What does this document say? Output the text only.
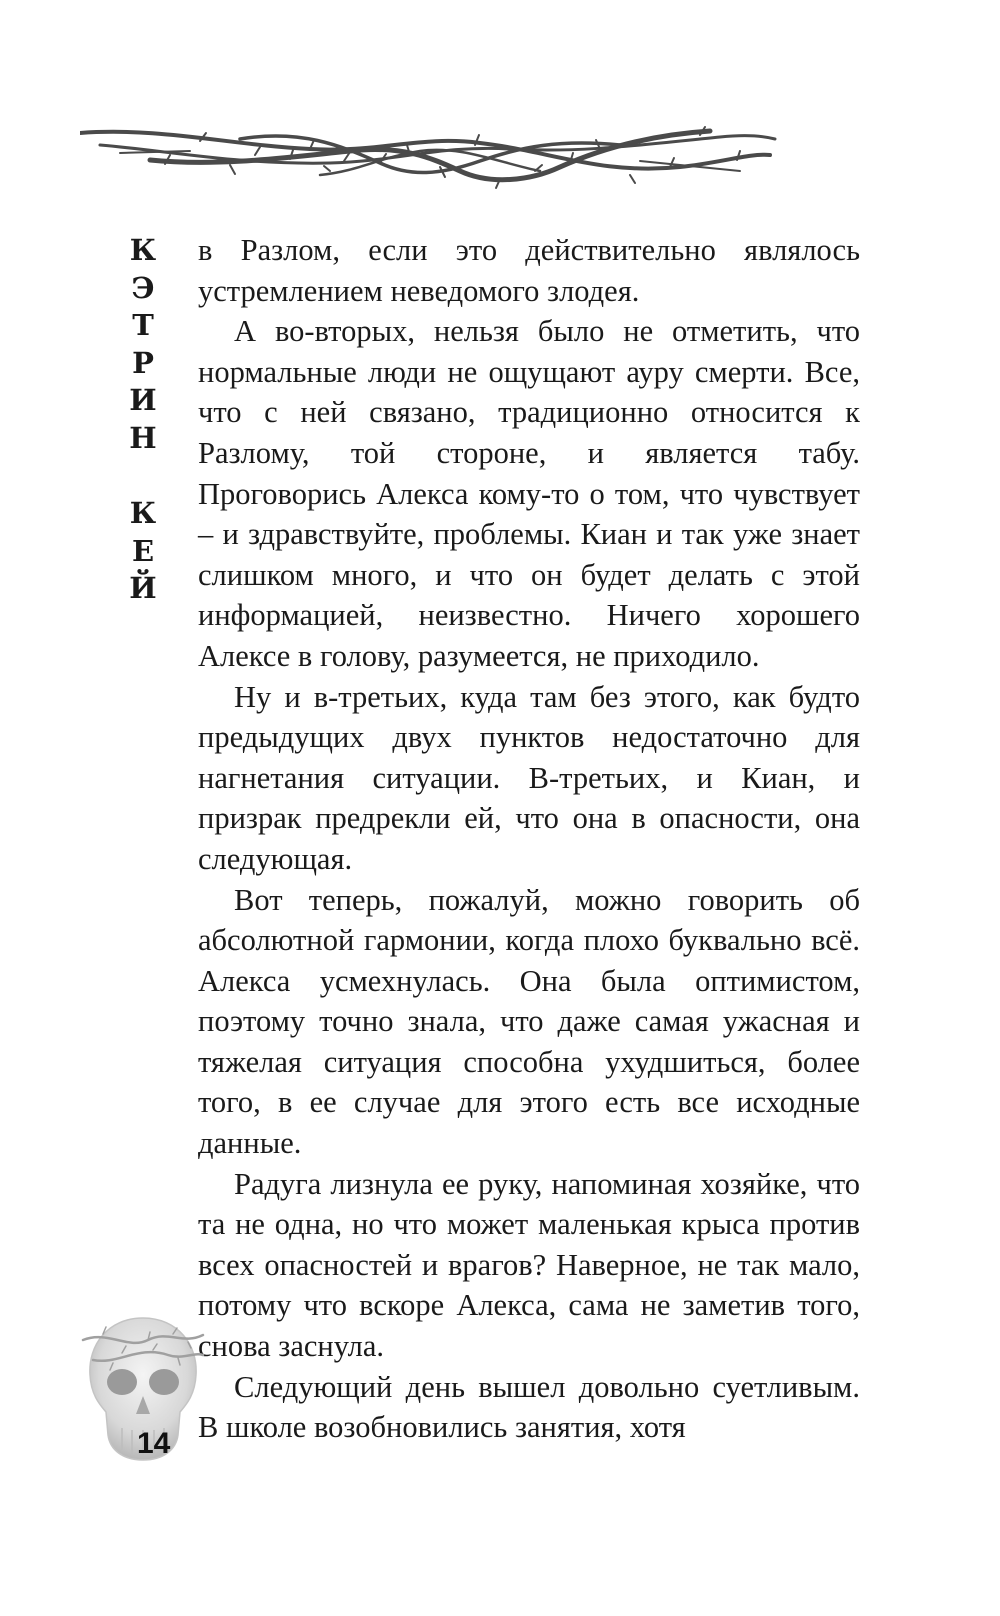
К
Э
Т
Р
И
Н
К
Е
Й

в Разлом, если это действительно являлось устремлением неведомого злодея.

А во-вторых, нельзя было не отметить, что нормальные люди не ощущают ауру смерти. Все, что с ней связано, традиционно относится к Разлому, той стороне, и является табу. Проговорись Алекса кому-то о том, что чувствует – и здравствуйте, проблемы. Киан и так уже знает слишком много, и что он будет делать с этой информацией, неизвестно. Ничего хорошего Алексе в голову, разумеется, не приходило.

Ну и в-третьих, куда там без этого, как будто предыдущих двух пунктов недостаточно для нагнетания ситуации. В-третьих, и Киан, и призрак предрекли ей, что она в опасности, она следующая.

Вот теперь, пожалуй, можно говорить об абсолютной гармонии, когда плохо буквально всё. Алекса усмехнулась. Она была оптимистом, поэтому точно знала, что даже самая ужасная и тяжелая ситуация способна ухудшиться, более того, в ее случае для этого есть все исходные данные.

Радуга лизнула ее руку, напоминая хозяйке, что та не одна, но что может маленькая крыса против всех опасностей и врагов? Наверное, не так мало, потому что вскоре Алекса, сама не заметив того, снова заснула.

Следующий день вышел довольно суетливым. В школе возобновились занятия, хотя

14
